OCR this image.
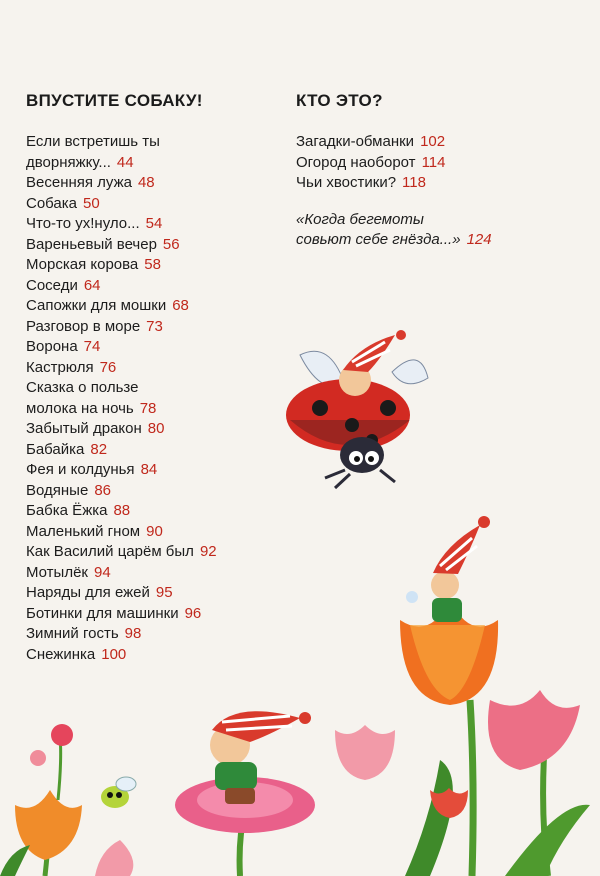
ВПУСТИТЕ СОБАКУ!
Если встретишь ты
дворняжку... 44
Весенняя лужа 48
Собака 50
Что-то ух!нуло... 54
Вареньевый вечер 56
Морская корова 58
Соседи 64
Сапожки для мошки 68
Разговор в море 73
Ворона 74
Кастрюля 76
Сказка о пользе
молока на ночь 78
Забытый дракон 80
Бабайка 82
Фея и колдунья 84
Водяные 86
Бабка Ёжка 88
Маленький гном 90
Как Василий царём был 92
Мотылёк 94
Наряды для ежей 95
Ботинки для машинки 96
Зимний гость 98
Снежинка 100
КТО ЭТО?
Загадки-обманки 102
Огород наоборот 114
Чьи хвостики? 118
«Когда бегемоты
совьют себе гнёзда...» 124
